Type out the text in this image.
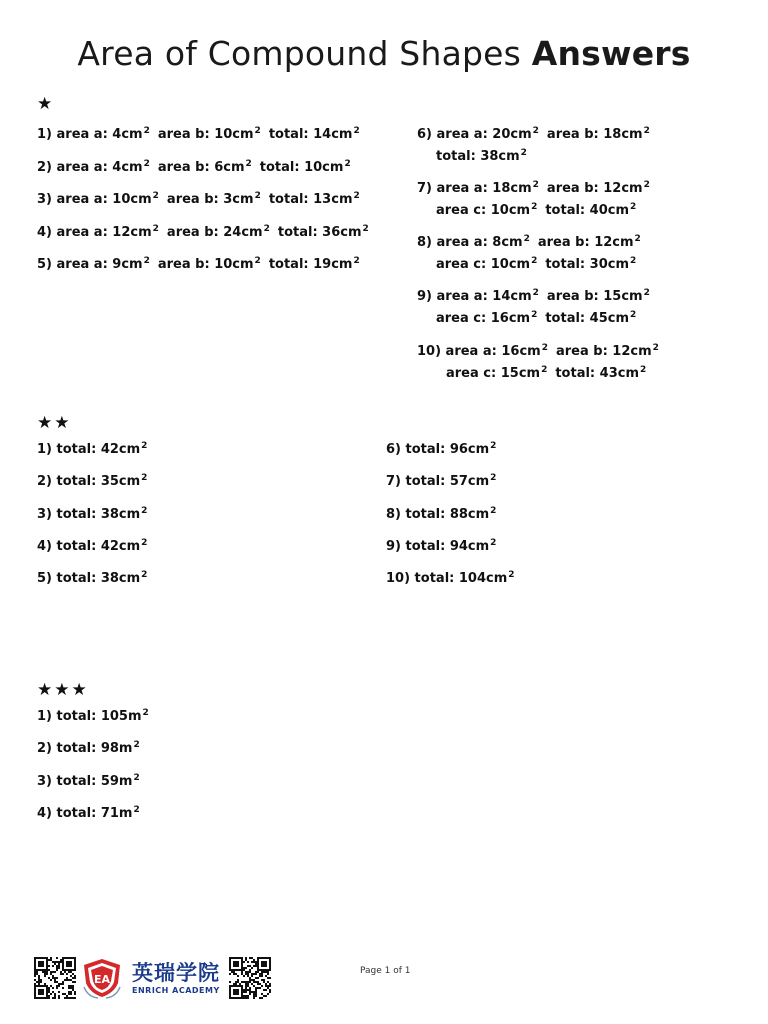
Area of Compound Shapes Answers
★
1) area a: $4cm^2$ area b: $10cm^2$ total: $14cm^2$
2) area a: $4cm^2$ area b: $6cm^2$ total: $10cm^2$
3) area a: $10cm^2$ area b: $3cm^2$ total: $13cm^2$
4) area a: $12cm^2$ area b: $24cm^2$ total: $36cm^2$
5) area a: $9cm^2$ area b: $10cm^2$ total: $19cm^2$
6) area a: $20cm^2$ area b: $18cm^2$
total: $38cm^2$
7) area a: $18cm^2$ area b: $12cm^2$
area c: $10cm^2$ total: $40cm^2$
8) area a: $8cm^2$ area b: $12cm^2$
area c: $10cm^2$ total: $30cm^2$
9) area a: $14cm^2$ area b: $15cm^2$
area c: $16cm^2$ total: $45cm^2$
10) area a: $16cm^2$ area b: $12cm^2$
area c: $15cm^2$ total: $43cm^2$
★★
1) total: $42cm^2$
2) total: $35cm^2$
3) total: $38cm^2$
4) total: $42cm^2$
5) total: $38cm^2$
6) total: $96cm^2$
7) total: $57cm^2$
8) total: $88cm^2$
9) total: $94cm^2$
10) total: $104cm^2$
★★★
1) total: $105m^2$
2) total: $98m^2$
3) total: $59m^2$
4) total: $71m^2$
EA 英瑞学院
ENRICH ACADEMY
Page 1 of 1
